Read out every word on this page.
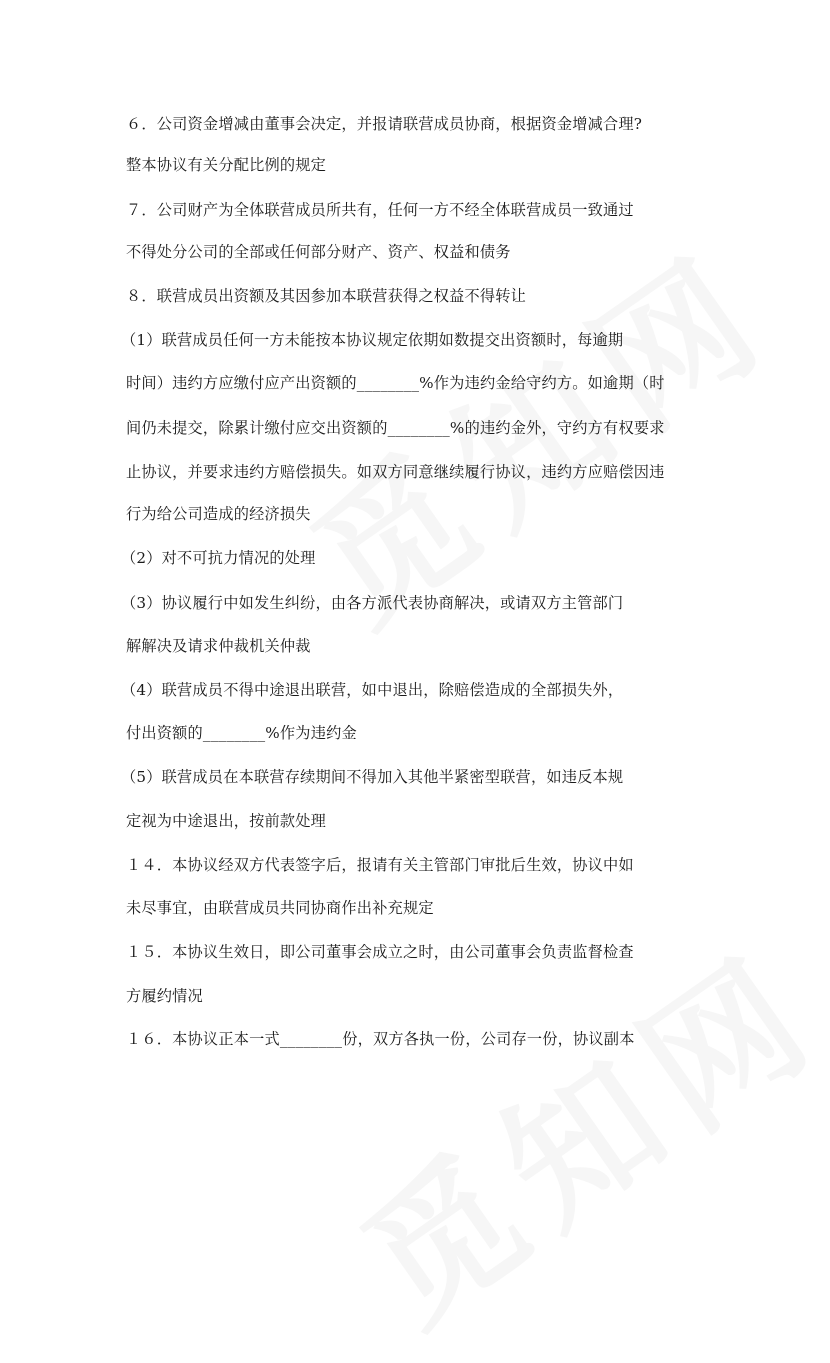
６．公司资金增减由董事会决定，并报请联营成员协商，根据资金增减合理?
整本协议有关分配比例的规定
７．公司财产为全体联营成员所共有，任何一方不经全体联营成员一致通过
不得处分公司的全部或任何部分财产、资产、权益和债务
８．联营成员出资额及其因参加本联营获得之权益不得转让
（1）联营成员任何一方未能按本协议规定依期如数提交出资额时，每逾期
时间）违约方应缴付应产出资额的________%作为违约金给守约方。如逾期（时
间仍未提交，除累计缴付应交出资额的________%的违约金外，守约方有权要求
止协议，并要求违约方赔偿损失。如双方同意继续履行协议，违约方应赔偿因违
行为给公司造成的经济损失
（2）对不可抗力情况的处理
（3）协议履行中如发生纠纷，由各方派代表协商解决，或请双方主管部门
解解决及请求仲裁机关仲裁
（4）联营成员不得中途退出联营，如中退出，除赔偿造成的全部损失外，
付出资额的________%作为违约金
（5）联营成员在本联营存续期间不得加入其他半紧密型联营，如违反本规
定视为中途退出，按前款处理
１４．本协议经双方代表签字后，报请有关主管部门审批后生效，协议中如
未尽事宜，由联营成员共同协商作出补充规定
１５．本协议生效日，即公司董事会成立之时，由公司董事会负责监督检查
方履约情况
１６．本协议正本一式________份，双方各执一份，公司存一份，协议副本
